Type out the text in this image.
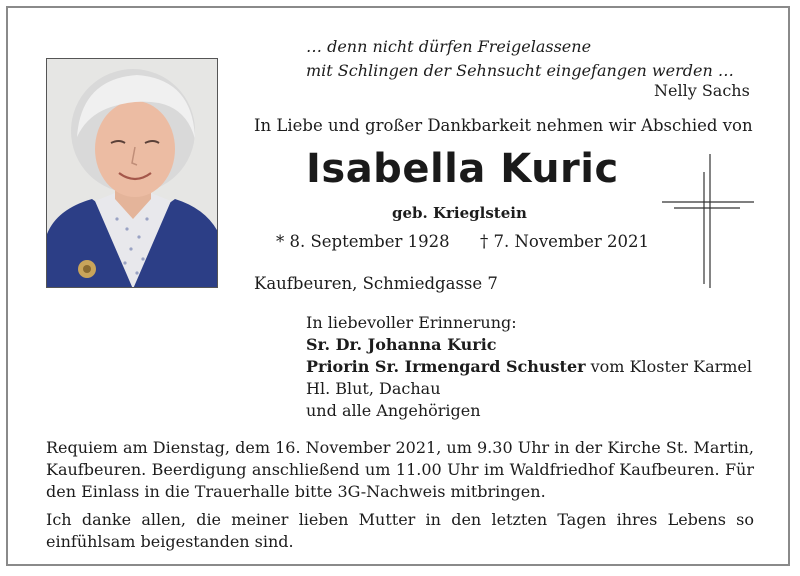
… denn nicht dürfen Freigelassene

mit Schlingen der Sehnsucht eingefangen werden …

Nelly Sachs

In Liebe und großer Dankbarkeit nehmen wir Abschied von

Isabella Kuric

geb. Krieglstein

* 8. September 1928 † 7. November 2021

Kaufbeuren, Schmiedgasse 7

In liebevoller Erinnerung:

Sr. Dr. Johanna Kuric

Priorin Sr. Irmengard Schuster vom Kloster Karmel

Hl. Blut, Dachau

und alle Angehörigen

Requiem am Dienstag, dem 16. November 2021, um 9.30 Uhr in der Kirche St. Martin, Kaufbeuren. Beerdigung anschließend um 11.00 Uhr im Waldfriedhof Kaufbeuren. Für den Einlass in die Trauerhalle bitte 3G-Nachweis mitbringen.

Ich danke allen, die meiner lieben Mutter in den letzten Tagen ihres Lebens so einfühlsam beigestanden sind.
